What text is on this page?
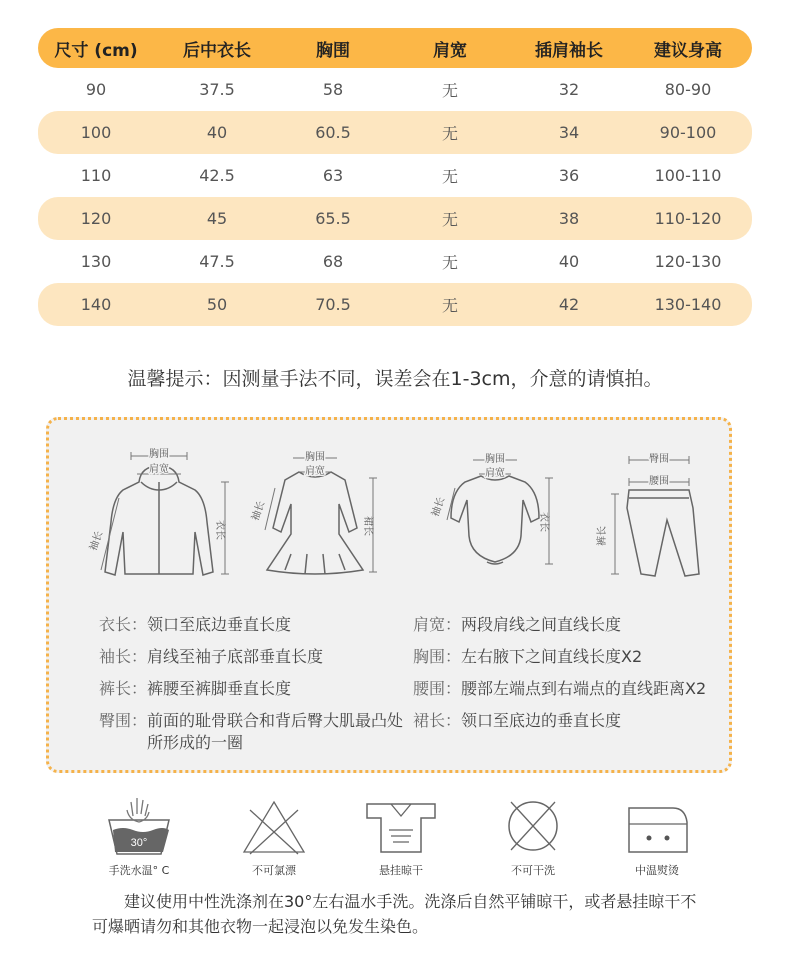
尺寸 (cm)	后中衣长	胸围	肩宽	插肩袖长	建议身高
90	37.5	58	无	32	80-90
100	40	60.5	无	34	90-100
110	42.5	63	无	36	100-110
120	45	65.5	无	38	110-120
130	47.5	68	无	40	120-130
140	50	70.5	无	42	130-140
温馨提示：因测量手法不同，误差会在1-3cm，介意的请慎拍。
胸围
肩宽
袖长	衣长
胸围
肩宽
袖长
裙长
胸围
肩宽
袖长
衣长
臀围
腰围
裤长
衣长：领口至底边垂直长度
袖长：肩线至袖子底部垂直长度
裤长：裤腰至裤脚垂直长度
臀围：前面的耻骨联合和背后臀大肌最凸处
所形成的一圈
肩宽：两段肩线之间直线长度
胸围：左右腋下之间直线长度X2
腰围：腰部左端点到右端点的直线距离X2
裙长：领口至底边的垂直长度
30°
手洗水温° C	不可氯漂	悬挂晾干	不可干洗	中温熨烫
建议使用中性洗涤剂在30°左右温水手洗。洗涤后自然平铺晾干，或者悬挂晾干不可爆晒请勿和其他衣物一起浸泡以免发生染色。
